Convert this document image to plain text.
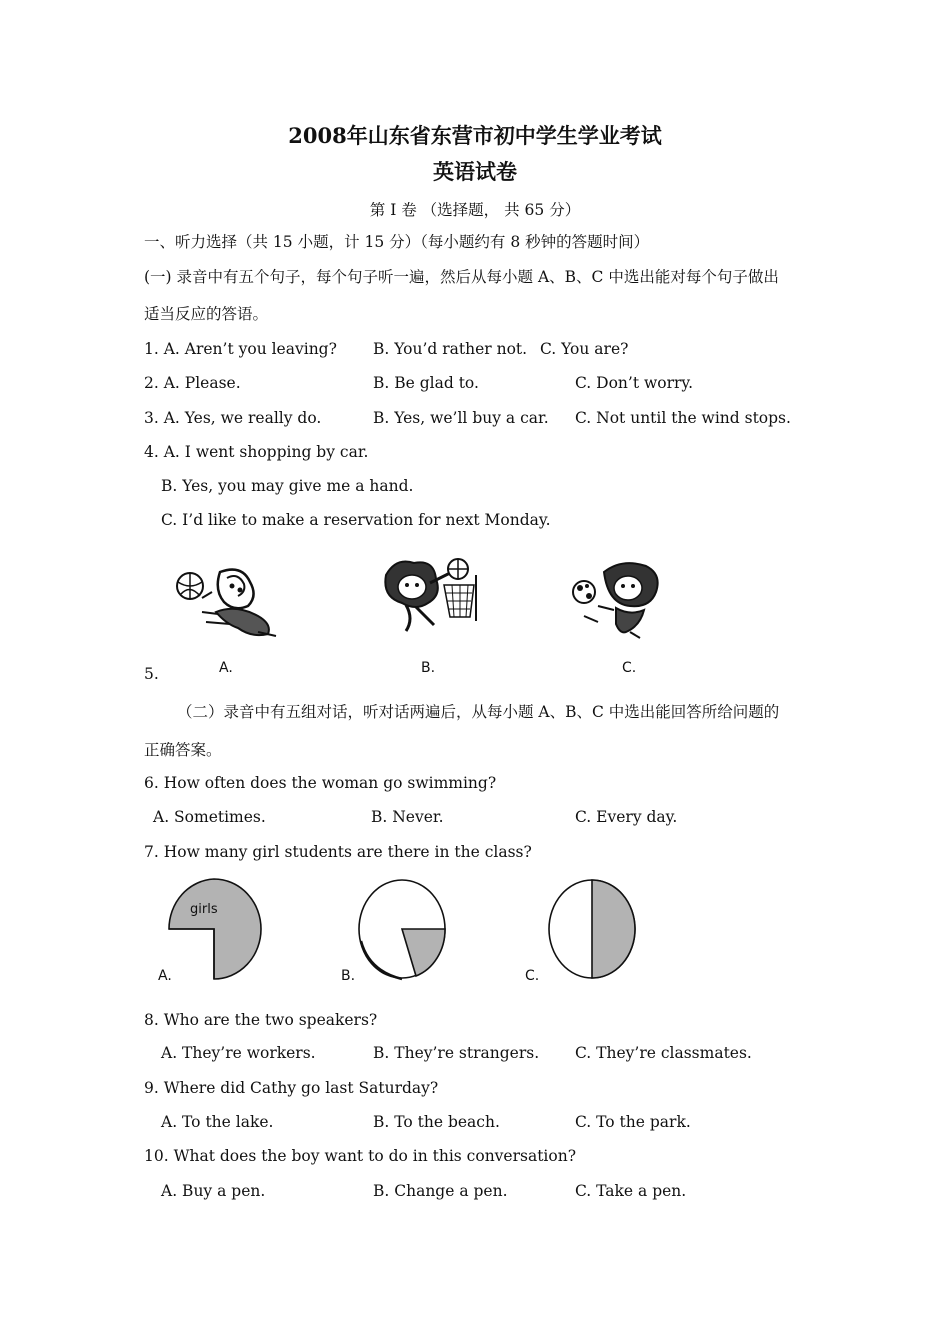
2008年山东省东营市初中学生学业考试
英语试卷
第 I 卷 （选择题， 共 65 分）
一、听力选择（共 15 小题，计 15 分）（每小题约有 8 秒钟的答题时间）
(一) 录音中有五个句子，每个句子听一遍，然后从每小题 A、B、C 中选出能对每个句子做出
适当反应的答语。
1. A. Aren’t you leaving? B. You’d rather not. C. You are?
2. A. Please.	B. Be glad to.	C. Don’t worry.
3. A. Yes, we really do.	B. Yes, we’ll buy a car. C. Not until the wind stops.
4. A. I went shopping by car.
B. Yes, you may give me a hand.
C. I’d like to make a reservation for next Monday.
5.	A.	B.	C.
（二）录音中有五组对话，听对话两遍后，从每小题 A、B、C 中选出能回答所给问题的
正确答案。
6. How often does the woman go swimming?
A. Sometimes.	B. Never.	C. Every day.
7. How many girl students are there in the class?
girls
A.	B.	C.
8. Who are the two speakers?
A. They’re workers.	B. They’re strangers. C. They’re classmates.
9. Where did Cathy go last Saturday?
A. To the lake.	B. To the beach.	C. To the park.
10. What does the boy want to do in this conversation?
A. Buy a pen.	B. Change a pen.	C. Take a pen.
